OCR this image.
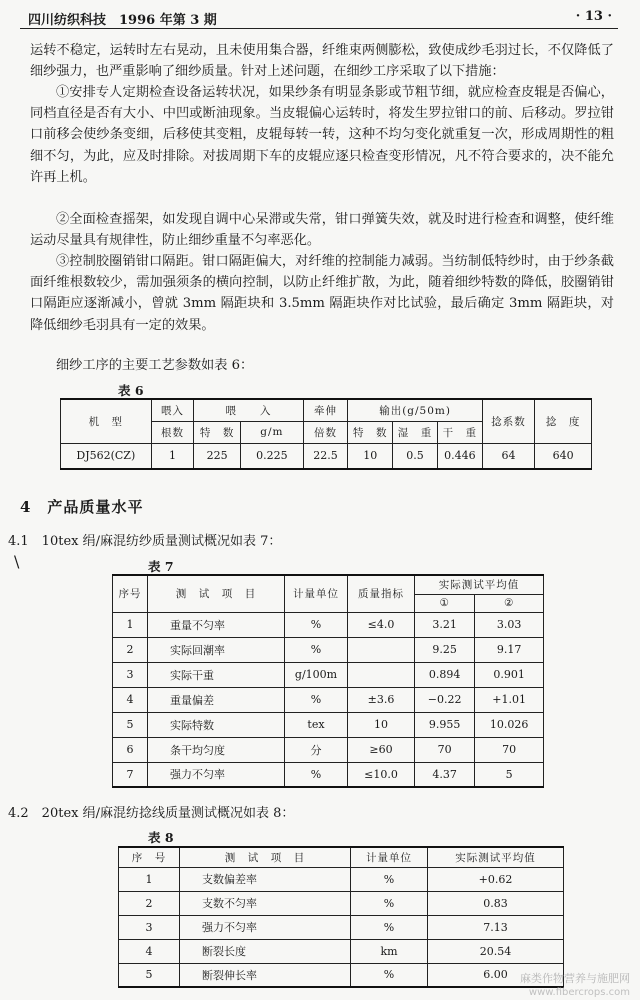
四川纺织科技　1996 年第 3 期	· 13 ·
运转不稳定，运转时左右晃动，且未使用集合器，纤维束两侧膨松，致使成纱毛羽过长，不仅降低了细纱强力，也严重影响了细纱质量。针对上述问题，在细纱工序采取了以下措施：
①安排专人定期检查设备运转状况，如果纱条有明显条影或节粗节细，就应检查皮辊是否偏心，同档直径是否有大小、中凹或断油现象。当皮辊偏心运转时，将发生罗拉钳口的前、后移动。罗拉钳口前移会使纱条变细，后移使其变粗，皮辊每转一转，这种不均匀变化就重复一次，形成周期性的粗细不匀，为此，应及时排除。对拔周期下车的皮辊应逐只检查变形情况，凡不符合要求的，决不能允许再上机。
②全面检查摇架，如发现自调中心呆滞或失常，钳口弹簧失效，就及时进行检查和调整，使纤维运动尽量具有规律性，防止细纱重量不匀率恶化。
③控制胶圈销钳口隔距。钳口隔距偏大，对纤维的控制能力减弱。当纺制低特纱时，由于纱条截面纤维根数较少，需加强须条的横向控制，以防止纤维扩散，为此，随着细纱特数的降低，胶圈销钳口隔距应逐渐减小，曾就 3mm 隔距块和 3.5mm 隔距块作对比试验，最后确定 3mm 隔距块，对降低细纱毛羽具有一定的效果。
细纱工序的主要工艺参数如表 6：
表 6
机　型	喂入	喂　　入		牵伸	输出(g/50m)			捻系数	捻　度
	根数	特　数	g/m	倍数	特　数	湿　重	干　重		
DJ562(CZ)	1	225	0.225	22.5	10	0.5	0.446	64	640
4　产品质量水平
4.1　10tex 绢/麻混纺纱质量测试概况如表 7：
\	表 7
序号	测　试　项　目	计量单位	质量指标	实际测试平均值	
				①	②
1	重量不匀率	%	≤4.0	3.21	3.03
2	实际回潮率	%		9.25	9.17
3	实际干重	g/100m		0.894	0.901
4	重量偏差	%	±3.6	−0.22	+1.01
5	实际特数	tex	10	9.955	10.026
6	条干均匀度	分	≥60	70	70
7	强力不匀率	%	≤10.0	4.37	5
4.2　20tex 绢/麻混纺捻线质量测试概况如表 8：
表 8
序　号	测　试　项　目	计量单位	实际测试平均值
1	支数偏差率	%	+0.62
2	支数不匀率	%	0.83
3	强力不匀率	%	7.13
4	断裂长度	km	20.54
5	断裂伸长率	%	6.00 麻类作物营养与施肥网
www.fibercrops.com
